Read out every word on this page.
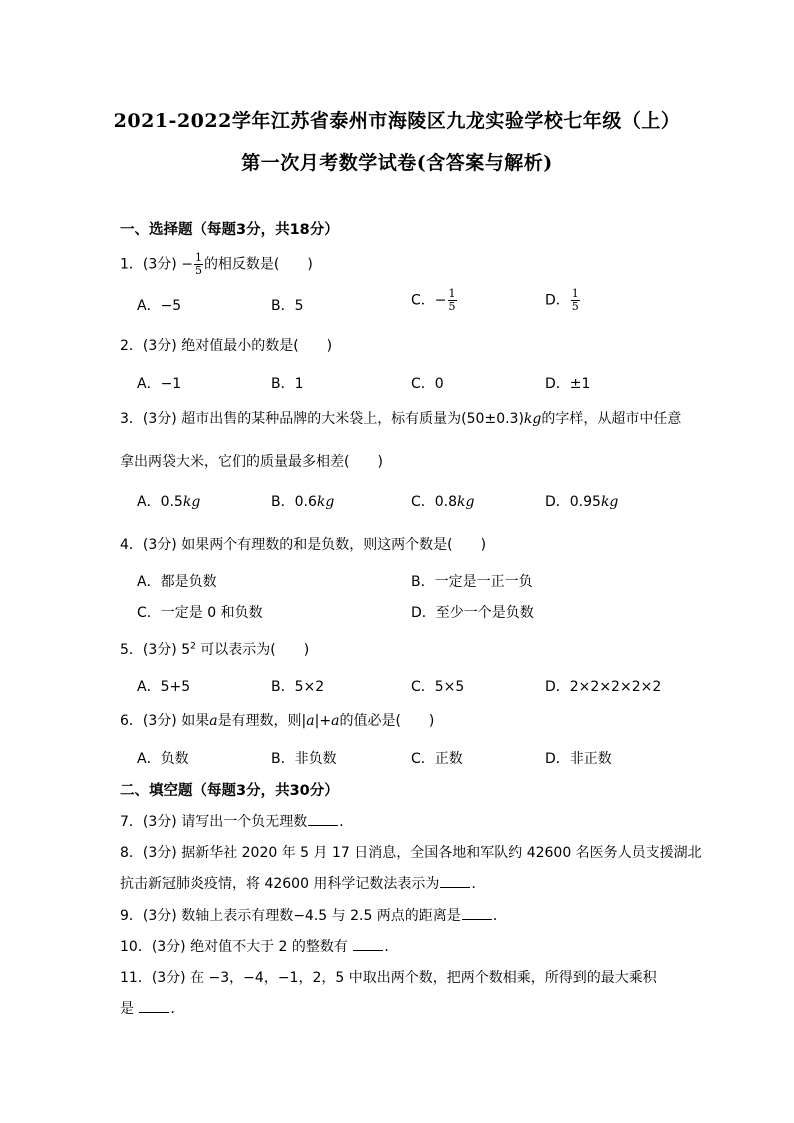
2021-2022学年江苏省泰州市海陵区九龙实验学校七年级（上）
第一次月考数学试卷(含答案与解析)
一、选择题（每题3分，共18分）
1．(3分) − $\frac{1}{5}$ 的相反数是(　　)
A．−5	B．5	C．− $\frac{1}{5}$	D． $\frac{1}{5}$
2．(3分) 绝对值最小的数是(　　)
A．−1	B．1	C．0	D．±1
3．(3分) 超市出售的某种品牌的大米袋上，标有质量为(50±0.3)kg的字样，从超市中任意
拿出两袋大米，它们的质量最多相差(　　)
A．0.5kg	B．0.6kg	C．0.8kg	D．0.95kg
4．(3分) 如果两个有理数的和是负数，则这两个数是(　　)
A．都是负数	B．一定是一正一负
C．一定是 0 和负数	D．至少一个是负数
5．(3分) $5^2$ 可以表示为(　　)
A．5+5	B．5×2	C．5×5	D．2×2×2×2×2
6．(3分) 如果a是有理数，则|a|+a的值必是(　　)
A．负数	B．非负数	C．正数	D．非正数
二、填空题（每题3分，共30分）
7．(3分) 请写出一个负无理数 ．
8．(3分) 据新华社 2020 年 5 月 17 日消息，全国各地和军队约 42600 名医务人员支援湖北
抗击新冠肺炎疫情，将 42600 用科学记数法表示为 ．
9．(3分) 数轴上表示有理数−4.5 与 2.5 两点的距离是 ．
10．(3分) 绝对值不大于 2 的整数有 ．
11．(3分) 在 −3，−4，−1，2，5 中取出两个数，把两个数相乘，所得到的最大乘积
是 ．
